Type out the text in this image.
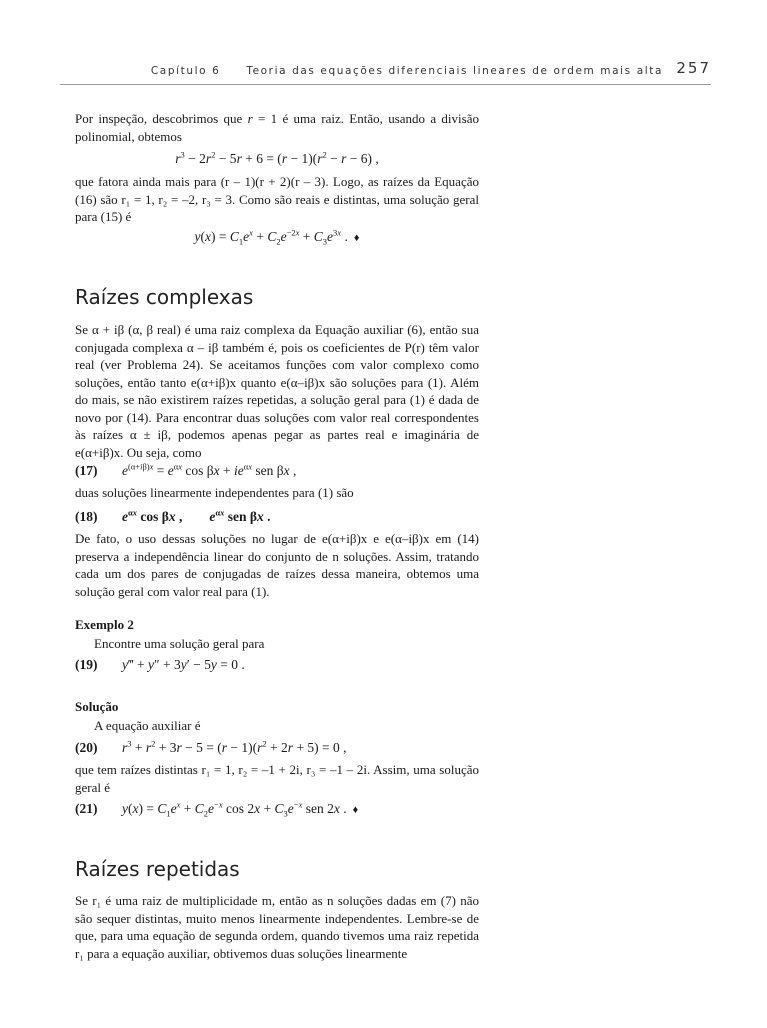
Capítulo 6 Teoria das equações diferenciais lineares de ordem mais alta 257

Por inspeção, descobrimos que r = 1 é uma raiz. Então, usando a divisão polinomial, obtemos

$r^3 - 2r^2 - 5r + 6 = (r - 1)(r^2 - r - 6)$ ,

que fatora ainda mais para (r – 1)(r + 2)(r – 3). Logo, as raízes da Equação (16) são r₁ = 1, r₂ = –2, r₃ = 3. Como são reais e distintas, uma solução geral para (15) é

$y(x) = C_1e^x + C_2e^{-2x} + C_3e^{3x}$ . ♦
Raízes complexas

Se α + iβ (α, β real) é uma raiz complexa da Equação auxiliar (6), então sua conjugada complexa α – iβ também é, pois os coeficientes de P(r) têm valor real (ver Problema 24). Se aceitamos funções com valor complexo como soluções, então tanto e(α+iβ)x quanto e(α–iβ)x são soluções para (1). Além do mais, se não existirem raízes repetidas, a solução geral para (1) é dada de novo por (14). Para encontrar duas soluções com valor real correspondentes às raízes α ± iβ, podemos apenas pegar as partes real e imaginária de e(α+iβ)x. Ou seja, como

(17) $e^{(\alpha+i\beta)x} = e^{\alpha x}$ $\cos \beta x + ie^{\alpha x}$ sen βx ,

duas soluções linearmente independentes para (1) são

(18) $e^{\alpha x}$ cos βx ,        $e^{\alpha x}$ sen βx .

De fato, o uso dessas soluções no lugar de e(α+iβ)x e e(α–iβ)x em (14) preserva a independência linear do conjunto de n soluções. Assim, tratando cada um dos pares de conjugadas de raízes dessa maneira, obtemos uma solução geral com valor real para (1).

Exemplo 2
Encontre uma solução geral para
(19) y‴ + y″ + 3y′ − 5y = 0 .
Solução
A equação auxiliar é
(20) $r^3 + r^2 + 3r - 5 = (r - 1)(r^2 + 2r + 5) = 0$ ,

que tem raízes distintas r₁ = 1, r₂ = –1 + 2i, r₃ = –1 – 2i. Assim, uma solução geral é

(21) $y(x) = C_1e^x + C_2e^{-x}$ $\cos 2x + C_3e^{-x}$ sen 2x . ♦
Raízes repetidas

Se r₁ é uma raiz de multiplicidade m, então as n soluções dadas em (7) não são sequer distintas, muito menos linearmente independentes. Lembre-se de que, para uma equação de segunda ordem, quando tivemos uma raiz repetida r₁ para a equação auxiliar, obtivemos duas soluções linearmente
